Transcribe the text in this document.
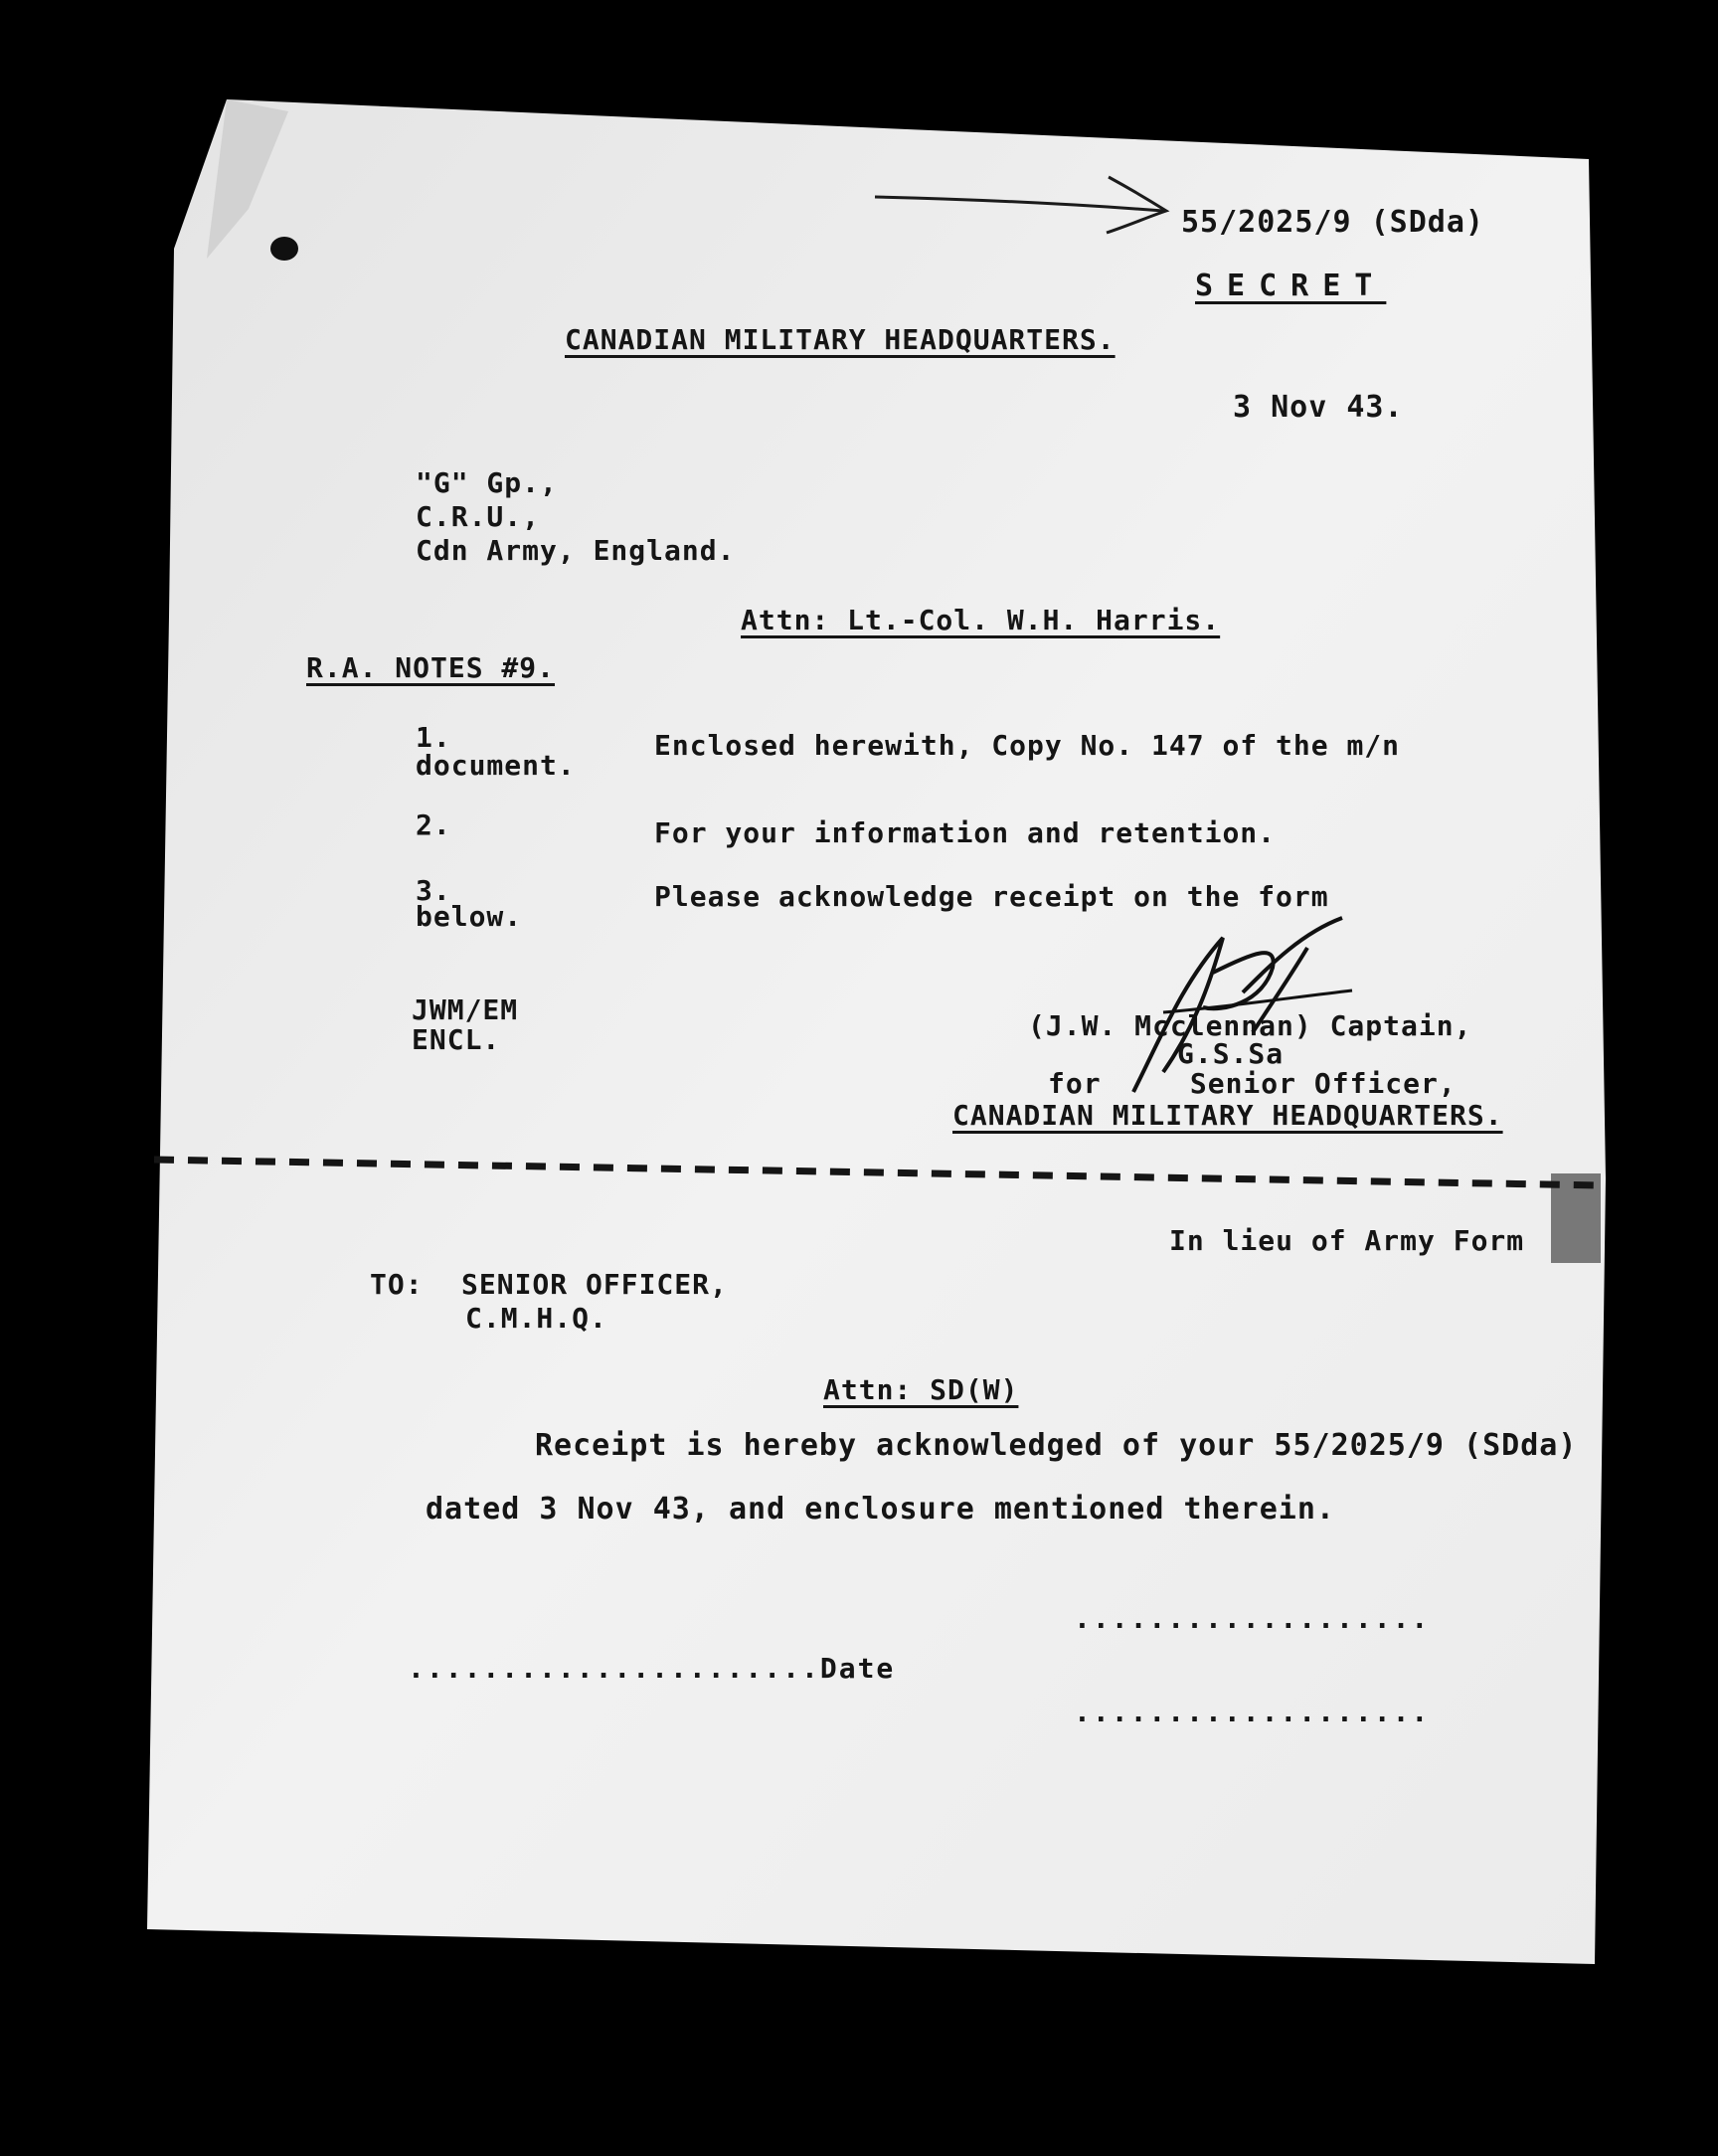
55/2025/9 (SDda)
SECRET
CANADIAN MILITARY HEADQUARTERS.
3 Nov 43.
"G" Gp.,
C.R.U.,
Cdn Army, England.
Attn: Lt.-Col. W.H. Harris.
R.A. NOTES #9.
1.
document.
Enclosed herewith, Copy No. 147 of the m/n
2.	For your information and retention.
3.
below.
Please acknowledge receipt on the form
JWM/EM
ENCL.	(J.W. Mcclennan) Captain,
G.S.Sa
for     Senior Officer,
CANADIAN MILITARY HEADQUARTERS.
In lieu of Army Form
TO: SENIOR OFFICER,
C.M.H.Q.
Attn: SD(W)
Receipt is hereby acknowledged of your 55/2025/9 (SDda)
dated 3 Nov 43, and enclosure mentioned therein.
...................
......................Date
...................
